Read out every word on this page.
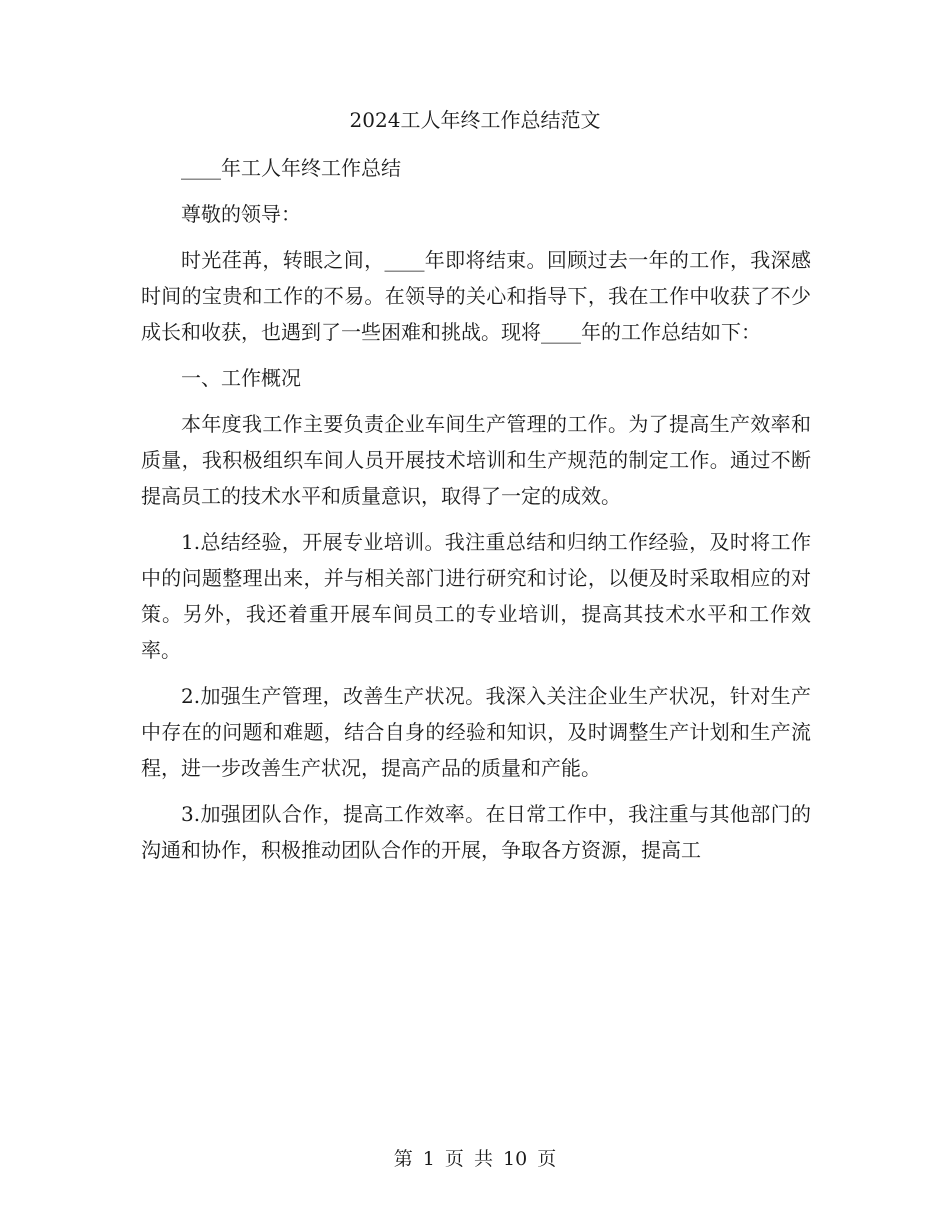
2024工人年终工作总结范文

____年工人年终工作总结

尊敬的领导：

时光荏苒，转眼之间，____年即将结束。回顾过去一年的工作，我深感时间的宝贵和工作的不易。在领导的关心和指导下，我在工作中收获了不少成长和收获，也遇到了一些困难和挑战。现将____年的工作总结如下：

一、工作概况

本年度我工作主要负责企业车间生产管理的工作。为了提高生产效率和质量，我积极组织车间人员开展技术培训和生产规范的制定工作。通过不断提高员工的技术水平和质量意识，取得了一定的成效。

1.总结经验，开展专业培训。我注重总结和归纳工作经验，及时将工作中的问题整理出来，并与相关部门进行研究和讨论，以便及时采取相应的对策。另外，我还着重开展车间员工的专业培训，提高其技术水平和工作效率。

2.加强生产管理，改善生产状况。我深入关注企业生产状况，针对生产中存在的问题和难题，结合自身的经验和知识，及时调整生产计划和生产流程，进一步改善生产状况，提高产品的质量和产能。

3.加强团队合作，提高工作效率。在日常工作中，我注重与其他部门的沟通和协作，积极推动团队合作的开展，争取各方资源，提高工

第 1 页 共 10 页
